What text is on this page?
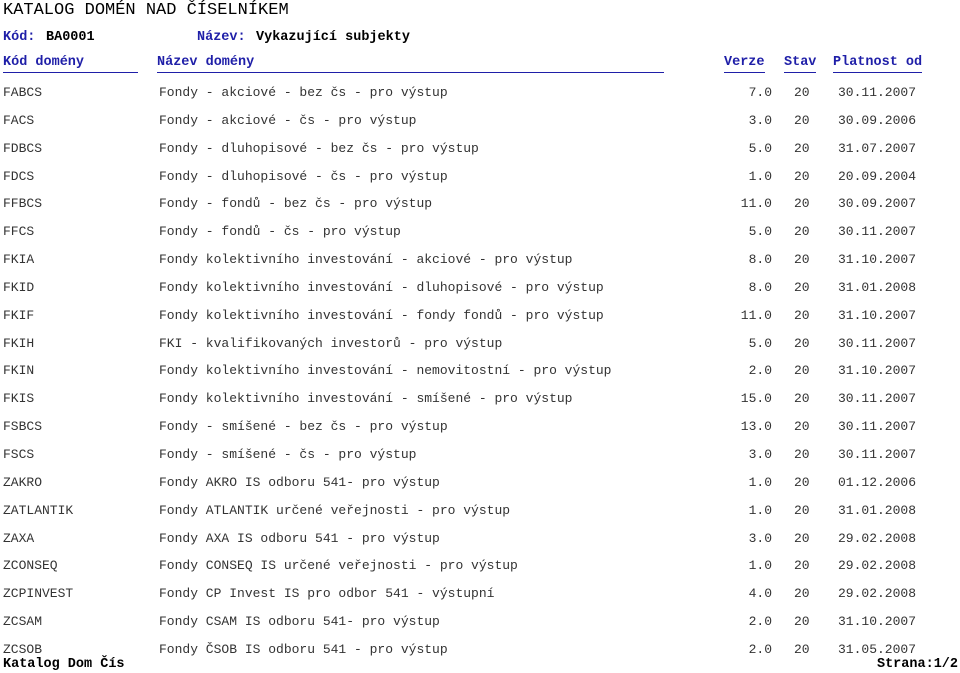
KATALOG DOMÉN NAD ČÍSELNÍKEM
Kód: BA0001	Název: Vykazující subjekty
Kód domény	Název domény	Verze Stav Platnost od
FABCS	Fondy - akciové - bez čs - pro výstup	7.0 20 30.11.2007
FACS	Fondy - akciové - čs - pro výstup	3.0 20 30.09.2006
FDBCS	Fondy - dluhopisové - bez čs - pro výstup	5.0 20 31.07.2007
FDCS	Fondy - dluhopisové - čs - pro výstup	1.0 20 20.09.2004
FFBCS	Fondy - fondů - bez čs - pro výstup	11.0 20 30.09.2007
FFCS	Fondy - fondů - čs - pro výstup	5.0 20 30.11.2007
FKIA	Fondy kolektivního investování - akciové - pro výstup	8.0 20 31.10.2007
FKID	Fondy kolektivního investování - dluhopisové - pro výstup	8.0 20 31.01.2008
FKIF	Fondy kolektivního investování - fondy fondů - pro výstup	11.0 20 31.10.2007
FKIH	FKI - kvalifikovaných investorů - pro výstup	5.0 20 30.11.2007
FKIN	Fondy kolektivního investování - nemovitostní - pro výstup	2.0 20 31.10.2007
FKIS	Fondy kolektivního investování - smíšené - pro výstup	15.0 20 30.11.2007
FSBCS	Fondy - smíšené - bez čs - pro výstup	13.0 20 30.11.2007
FSCS	Fondy - smíšené - čs - pro výstup	3.0 20 30.11.2007
ZAKRO	Fondy AKRO IS odboru 541- pro výstup	1.0 20 01.12.2006
ZATLANTIK	Fondy ATLANTIK určené veřejnosti - pro výstup	1.0 20 31.01.2008
ZAXA	Fondy AXA IS odboru 541 - pro výstup	3.0 20 29.02.2008
ZCONSEQ	Fondy CONSEQ IS určené veřejnosti - pro výstup	1.0 20 29.02.2008
ZCPINVEST	Fondy CP Invest IS pro odbor 541 - výstupní	4.0 20 29.02.2008
ZCSAM	Fondy CSAM IS odboru 541- pro výstup	2.0 20 31.10.2007
ZCSOB	Fondy ČSOB IS odboru 541 - pro výstup	2.0 20 31.05.2007
Katalog Dom Čís	Strana:1/2
